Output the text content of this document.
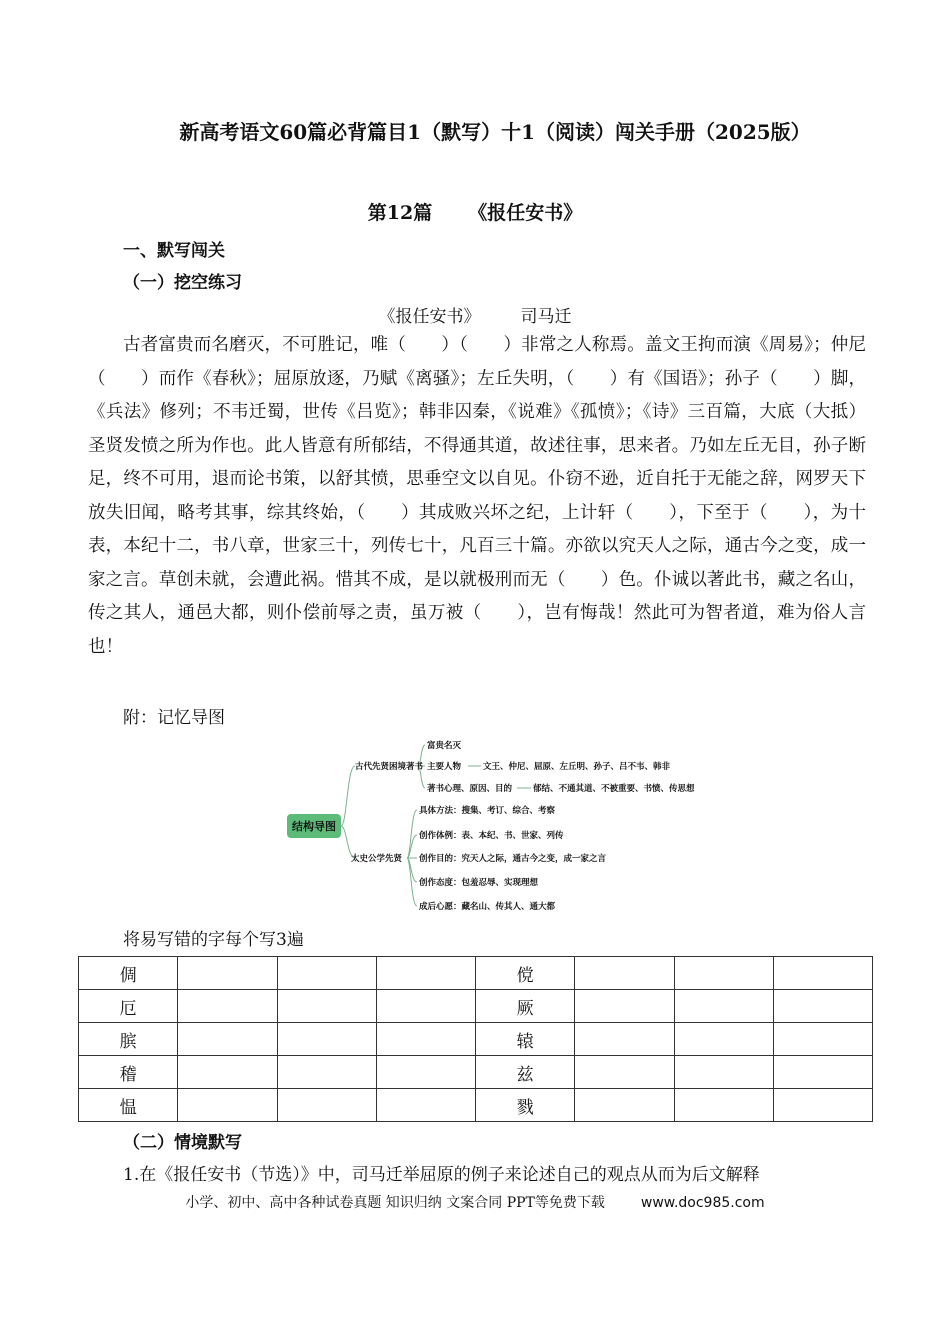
新高考语文60篇必背篇目1（默写）十1（阅读）闯关手册（2025版）
第12篇 《报任安书》
一、默写闯关
（一）挖空练习
《报任安书》 司马迁

古者富贵而名磨灭，不可胜记，唯（　　）（　　）非常之人称焉。盖文王拘而演《周易》；仲尼（　　）而作《春秋》；屈原放逐，乃赋《离骚》；左丘失明，（　　）有《国语》；孙子（　　）脚，《兵法》修列；不韦迁蜀，世传《吕览》；韩非囚秦，《说难》《孤愤》；《诗》三百篇，大底（大抵）圣贤发愤之所为作也。此人皆意有所郁结，不得通其道，故述往事，思来者。乃如左丘无目，孙子断足，终不可用，退而论书策，以舒其愤，思垂空文以自见。仆窃不逊，近自托于无能之辞，网罗天下放失旧闻，略考其事，综其终始，（　　）其成败兴坏之纪，上计轩（　　），下至于（　　），为十表，本纪十二，书八章，世家三十，列传七十，凡百三十篇。亦欲以究天人之际，通古今之变，成一家之言。草创未就，会遭此祸。惜其不成，是以就极刑而无（　　）色。仆诚以著此书，藏之名山，传之其人，通邑大都，则仆偿前辱之责，虽万被（　　），岂有悔哉！然此可为智者道，难为俗人言也！

附：记忆导图
结构导图
古代先贤困境著书
富贵名灭
主要人物	文王、仲尼、屈原、左丘明、孙子、吕不韦、韩非
著书心理、原因、目的 郁结、不通其道、不被重要、书愤、传思想
太史公学先贤
具体方法：搜集、考订、综合、考察
创作体例：表、本纪、书、世家、列传
创作目的：究天人之际，通古今之变，成一家之言
创作态度：包羞忍辱、实现理想
成后心愿：藏名山、传其人、通大都
将易写错的字每个写3遍
倜				傥			
厄				厥			
膑				辕			
稽				兹			
愠				戮			
（二）情境默写
1.在《报任安书（节选）》中，司马迁举屈原的例子来论述自己的观点从而为后文解释
小学、初中、高中各种试卷真题 知识归纳 文案合同 PPT等免费下载	www.doc985.com
